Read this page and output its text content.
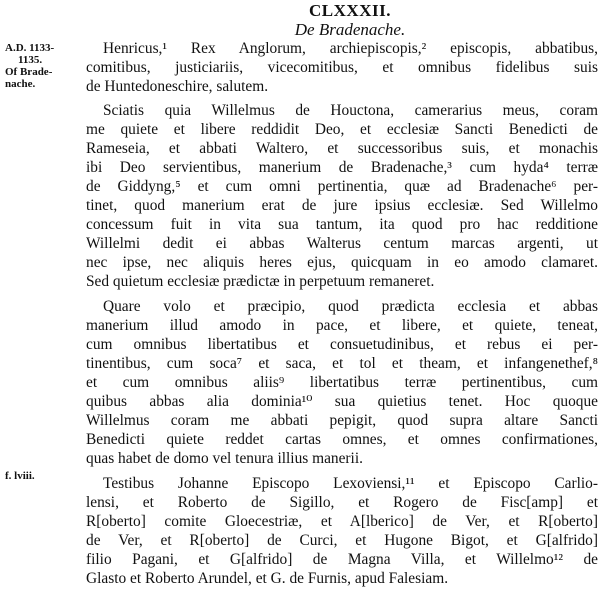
CLXXXII.
De Bradenache.
A.D. 1133-
1135.
Of Brade-
nache.
f. lviii.
Henricus,¹ Rex Anglorum, archiepiscopis,² episcopis, abbatibus,
comitibus, justiciariis, vicecomitibus, et omnibus fidelibus suis
de Huntedoneschire, salutem.
Sciatis quia Willelmus de Houctona, camerarius meus, coram
me quiete et libere reddidit Deo, et ecclesiæ Sancti Benedicti de
Rameseia, et abbati Waltero, et successoribus suis, et monachis
ibi Deo servientibus, manerium de Bradenache,³ cum hyda⁴ terræ
de Giddyng,⁵ et cum omni pertinentia, quæ ad Bradenache⁶ per-
tinet, quod manerium erat de jure ipsius ecclesiæ. Sed Willelmo
concessum fuit in vita sua tantum, ita quod pro hac redditione
Willelmi dedit ei abbas Walterus centum marcas argenti, ut
nec ipse, nec aliquis heres ejus, quicquam in eo amodo clamaret.
Sed quietum ecclesiæ prædictæ in perpetuum remaneret.
Quare volo et præcipio, quod prædicta ecclesia et abbas
manerium illud amodo in pace, et libere, et quiete, teneat,
cum omnibus libertatibus et consuetudinibus, et rebus ei per-
tinentibus, cum soca⁷ et saca, et tol et theam, et infangenethef,⁸
et cum omnibus aliis⁹ libertatibus terræ pertinentibus, cum
quibus abbas alia dominia¹⁰ sua quietius tenet. Hoc quoque
Willelmus coram me abbati pepigit, quod supra altare Sancti
Benedicti quiete reddet cartas omnes, et omnes confirmationes,
quas habet de domo vel tenura illius manerii.
Testibus Johanne Episcopo Lexoviensi,¹¹ et Episcopo Carlio-
lensi, et Roberto de Sigillo, et Rogero de Fisc[amp] et
R[oberto] comite Gloecestriæ, et A[lberico] de Ver, et R[oberto]
de Ver, et R[oberto] de Curci, et Hugone Bigot, et G[alfrido]
filio Pagani, et G[alfrido] de Magna Villa, et Willelmo¹² de
Glasto et Roberto Arundel, et G. de Furnis, apud Falesiam.
